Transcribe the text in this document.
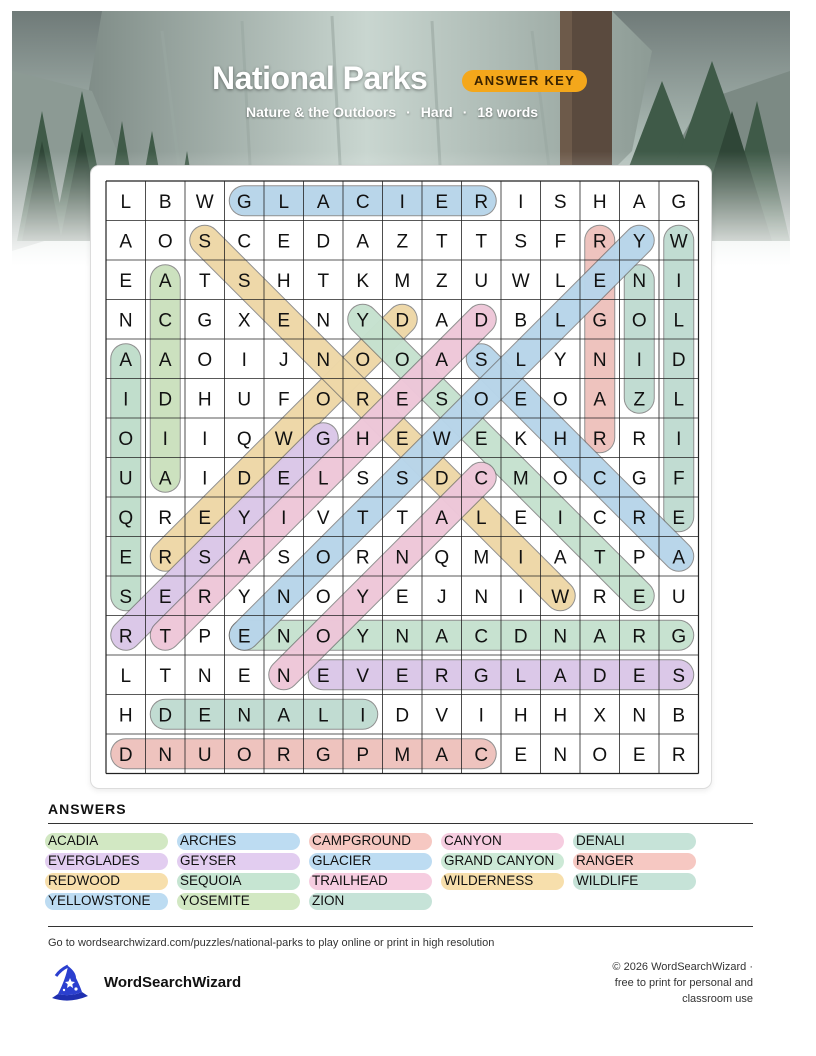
National Parks	ANSWER KEY
Nature & the Outdoors · Hard · 18 words
L B W G L A C I E R I S H A G
A O S C E D A Z T T S F R Y W
E A T S H T K M Z U W L E N I
N C G X E N Y D A D B L G O L
A A O I J N O O A S L Y N I D
I D H U F O R E S O E O A Z L
O I I Q W G H E W E K H R R I
U A I D E L S S D C M O C G F
Q R E Y I V T T A L E I C R E
E R S A S O R N Q M I A T P A
S E R Y N O Y E J N I W R E U
R T P E N O Y N A C D N A R G
L T N E N E V E R G L A D E S
H D E N A L I D V I H H X N B
D N U O R G P M A C E N O E R
ANSWERS
ACADIA
EVERGLADES
REDWOOD
YELLOWSTONE
ARCHES
GEYSER
SEQUOIA
YOSEMITE
CAMPGROUND
GLACIER
TRAILHEAD
ZION
CANYON
GRAND CANYON
WILDERNESS
DENALI
RANGER
WILDLIFE
Go to wordsearchwizard.com/puzzles/national-parks to play online or print in high resolution
WordSearchWizard
© 2026 WordSearchWizard ·
free to print for personal and
classroom use
